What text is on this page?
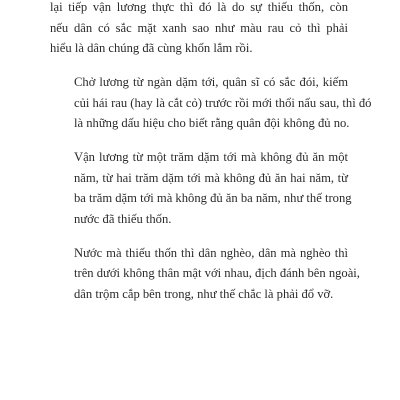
lại tiếp vận lương thực thì đó là do sự thiếu thốn, còn
nếu dân có sắc mặt xanh sao như màu rau cỏ thì phải
hiểu là dân chúng đã cùng khốn lắm rồi.

Chở lương từ ngàn dặm tới, quân sĩ có sắc đói, kiếm
củi hái rau (hay là cắt cỏ) trước rồi mới thổi nấu sau, thì đó
là những dấu hiệu cho biết rằng quân đội không đủ no.

Vận lương từ một trăm dặm tới mà không đủ ăn một
năm, từ hai trăm dặm tới mà không đủ ăn hai năm, từ
ba trăm dặm tới mà không đủ ăn ba năm, như thế trong
nước đã thiếu thốn.

Nước mà thiếu thốn thì dân nghèo, dân mà nghèo thì
trên dưới không thân mật với nhau, địch đánh bên ngoài,
dân trộm cắp bên trong, như thế chắc là phải đổ vỡ.
